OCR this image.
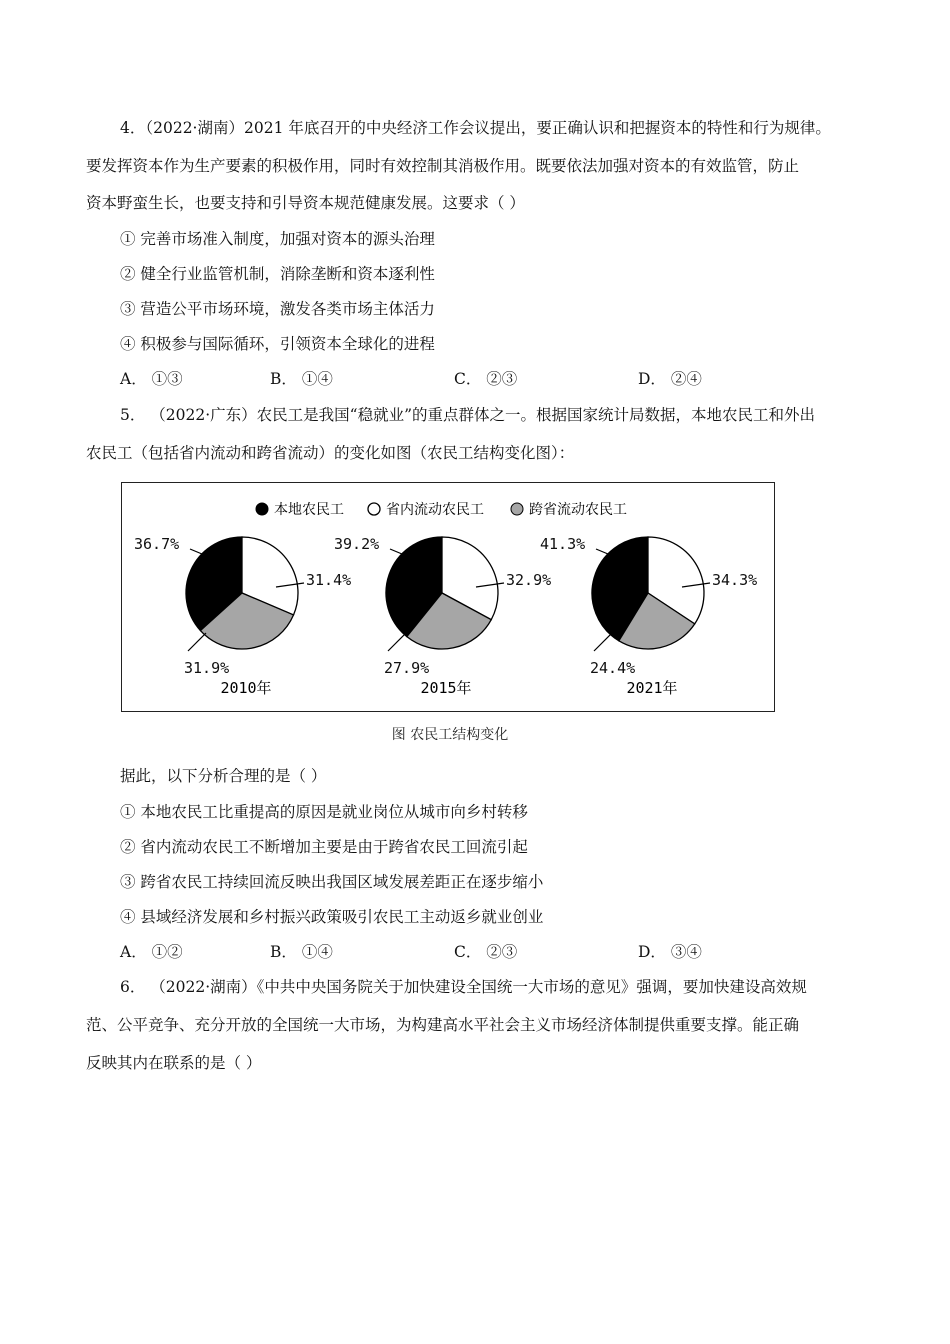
4．（2022·湖南）2021 年底召开的中央经济工作会议提出，要正确认识和把握资本的特性和行为规律。
要发挥资本作为生产要素的积极作用，同时有效控制其消极作用。既要依法加强对资本的有效监管，防止
资本野蛮生长，也要支持和引导资本规范健康发展。这要求（ ）
① 完善市场准入制度，加强对资本的源头治理
② 健全行业监管机制，消除垄断和资本逐利性
③ 营造公平市场环境，激发各类市场主体活力
④ 积极参与国际循环，引领资本全球化的进程
A． ①③	B． ①④	C． ②③	D． ②④
5． （2022·广东）农民工是我国“稳就业”的重点群体之一。根据国家统计局数据，本地农民工和外出
农民工（包括省内流动和跨省流动）的变化如图（农民工结构变化图）：
本地农民工	省内流动农民工	跨省流动农民工
36.7%
31.4%
31.9%
2010年
39.2%
32.9%
27.9%
2015年
41.3%
34.3%
24.4%
2021年
图 农民工结构变化
据此，以下分析合理的是（ ）
① 本地农民工比重提高的原因是就业岗位从城市向乡村转移
② 省内流动农民工不断增加主要是由于跨省农民工回流引起
③ 跨省农民工持续回流反映出我国区域发展差距正在逐步缩小
④ 县域经济发展和乡村振兴政策吸引农民工主动返乡就业创业
A． ①②	B． ①④	C． ②③	D． ③④
6． （2022·湖南）《中共中央国务院关于加快建设全国统一大市场的意见》强调，要加快建设高效规
范、公平竞争、充分开放的全国统一大市场，为构建高水平社会主义市场经济体制提供重要支撑。能正确
反映其内在联系的是（ ）
